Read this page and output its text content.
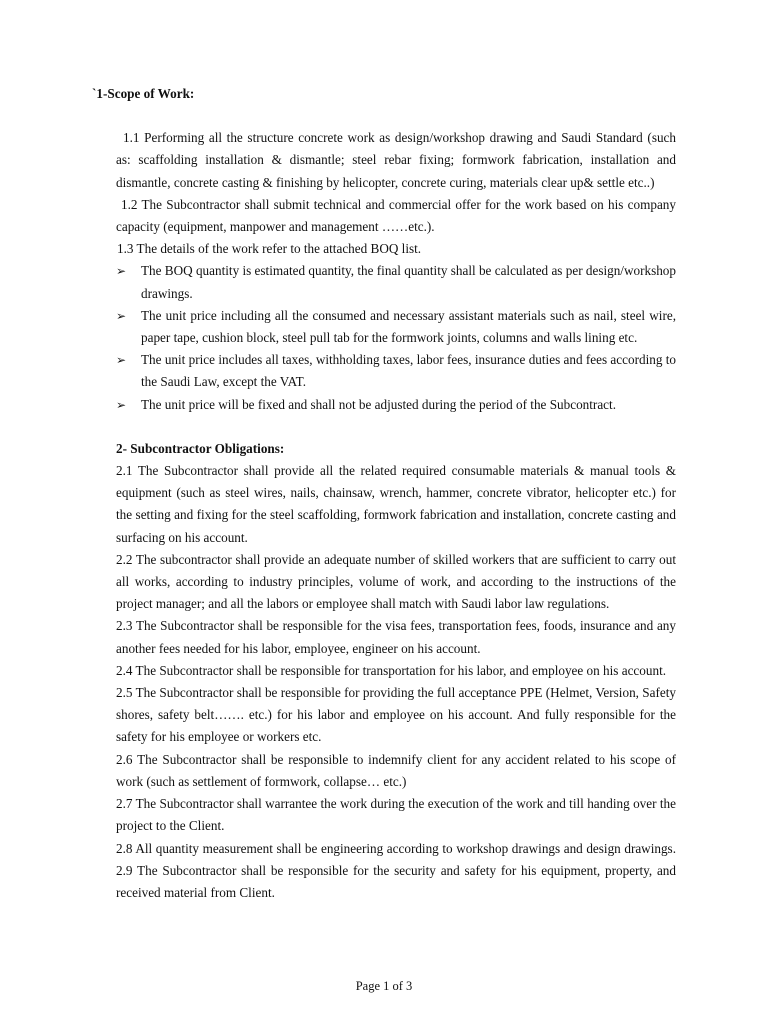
`1-Scope of Work:

1.1 Performing all the structure concrete work as design/workshop drawing and Saudi Standard (such as: scaffolding installation & dismantle; steel rebar fixing; formwork fabrication, installation and dismantle, concrete casting & finishing by helicopter, concrete curing, materials clear up& settle etc..)

1.2 The Subcontractor shall submit technical and commercial offer for the work based on his company capacity (equipment, manpower and management ……etc.).

1.3 The details of the work refer to the attached BOQ list.

➢ The BOQ quantity is estimated quantity, the final quantity shall be calculated as per design/workshop drawings.
➢ The unit price including all the consumed and necessary assistant materials such as nail, steel wire, paper tape, cushion block, steel pull tab for the formwork joints, columns and walls lining etc.
➢ The unit price includes all taxes, withholding taxes, labor fees, insurance duties and fees according to the Saudi Law, except the VAT.
➢ The unit price will be fixed and shall not be adjusted during the period of the Subcontract.

2- Subcontractor Obligations:

2.1 The Subcontractor shall provide all the related required consumable materials & manual tools & equipment (such as steel wires, nails, chainsaw, wrench, hammer, concrete vibrator, helicopter etc.) for the setting and fixing for the steel scaffolding, formwork fabrication and installation, concrete casting and surfacing on his account.

2.2 The subcontractor shall provide an adequate number of skilled workers that are sufficient to carry out all works, according to industry principles, volume of work, and according to the instructions of the project manager; and all the labors or employee shall match with Saudi labor law regulations.

2.3 The Subcontractor shall be responsible for the visa fees, transportation fees, foods, insurance and any another fees needed for his labor, employee, engineer on his account.

2.4 The Subcontractor shall be responsible for transportation for his labor, and employee on his account.

2.5 The Subcontractor shall be responsible for providing the full acceptance PPE (Helmet, Version, Safety shores, safety belt……. etc.) for his labor and employee on his account. And fully responsible for the safety for his employee or workers etc.

2.6 The Subcontractor shall be responsible to indemnify client for any accident related to his scope of work (such as settlement of formwork, collapse… etc.)

2.7 The Subcontractor shall warrantee the work during the execution of the work and till handing over the project to the Client.

2.8 All quantity measurement shall be engineering according to workshop drawings and design drawings. 2.9 The Subcontractor shall be responsible for the security and safety for his equipment, property, and received material from Client.

Page 1 of 3
